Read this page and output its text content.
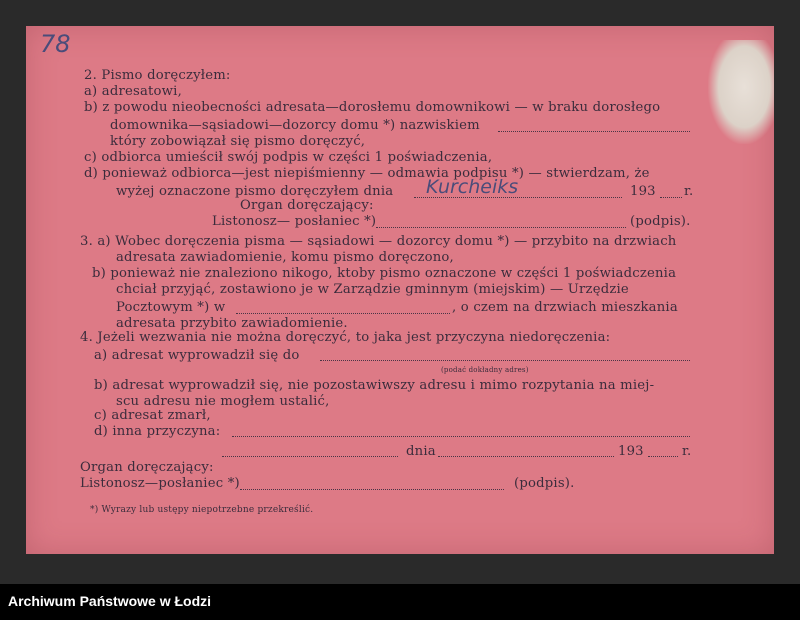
78
2. Pismo doręczyłem:
a) adresatowi,
b) z powodu nieobecności adresata—dorosłemu domownikowi — w braku dorosłego
domownika—sąsiadowi—dozorcy domu *) nazwiskiem
który zobowiązał się pismo doręczyć,
c) odbiorca umieścił swój podpis w części 1 poświadczenia,
d) ponieważ odbiorca—jest niepiśmienny — odmawia podpisu *) — stwierdzam, że
wyżej oznaczone pismo doręczyłem dnia Kurcheiks	193 r.
Organ doręczający:
Listonosz— posłaniec *)	(podpis).
3. a) Wobec doręczenia pisma — sąsiadowi — dozorcy domu *) — przybito na drzwiach
adresata zawiadomienie, komu pismo doręczono,
b) ponieważ nie znaleziono nikogo, ktoby pismo oznaczone w części 1 poświadczenia
chciał przyjąć, zostawiono je w Zarządzie gminnym (miejskim) — Urzędzie
Pocztowym *) w	, o czem na drzwiach mieszkania
adresata przybito zawiadomienie.
4. Jeżeli wezwania nie można doręczyć, to jaka jest przyczyna niedoręczenia:
a) adresat wyprowadził się do
(podać dokładny adres)
b) adresat wyprowadził się, nie pozostawiwszy adresu i mimo rozpytania na miej-
scu adresu nie mogłem ustalić,
c) adresat zmarł,
d) inna przyczyna:
dnia	193	r.
Organ doręczający:
Listonosz—posłaniec *)	(podpis).
*) Wyrazy lub ustępy niepotrzebne przekreślić.
Archiwum Państwowe w Łodzi
